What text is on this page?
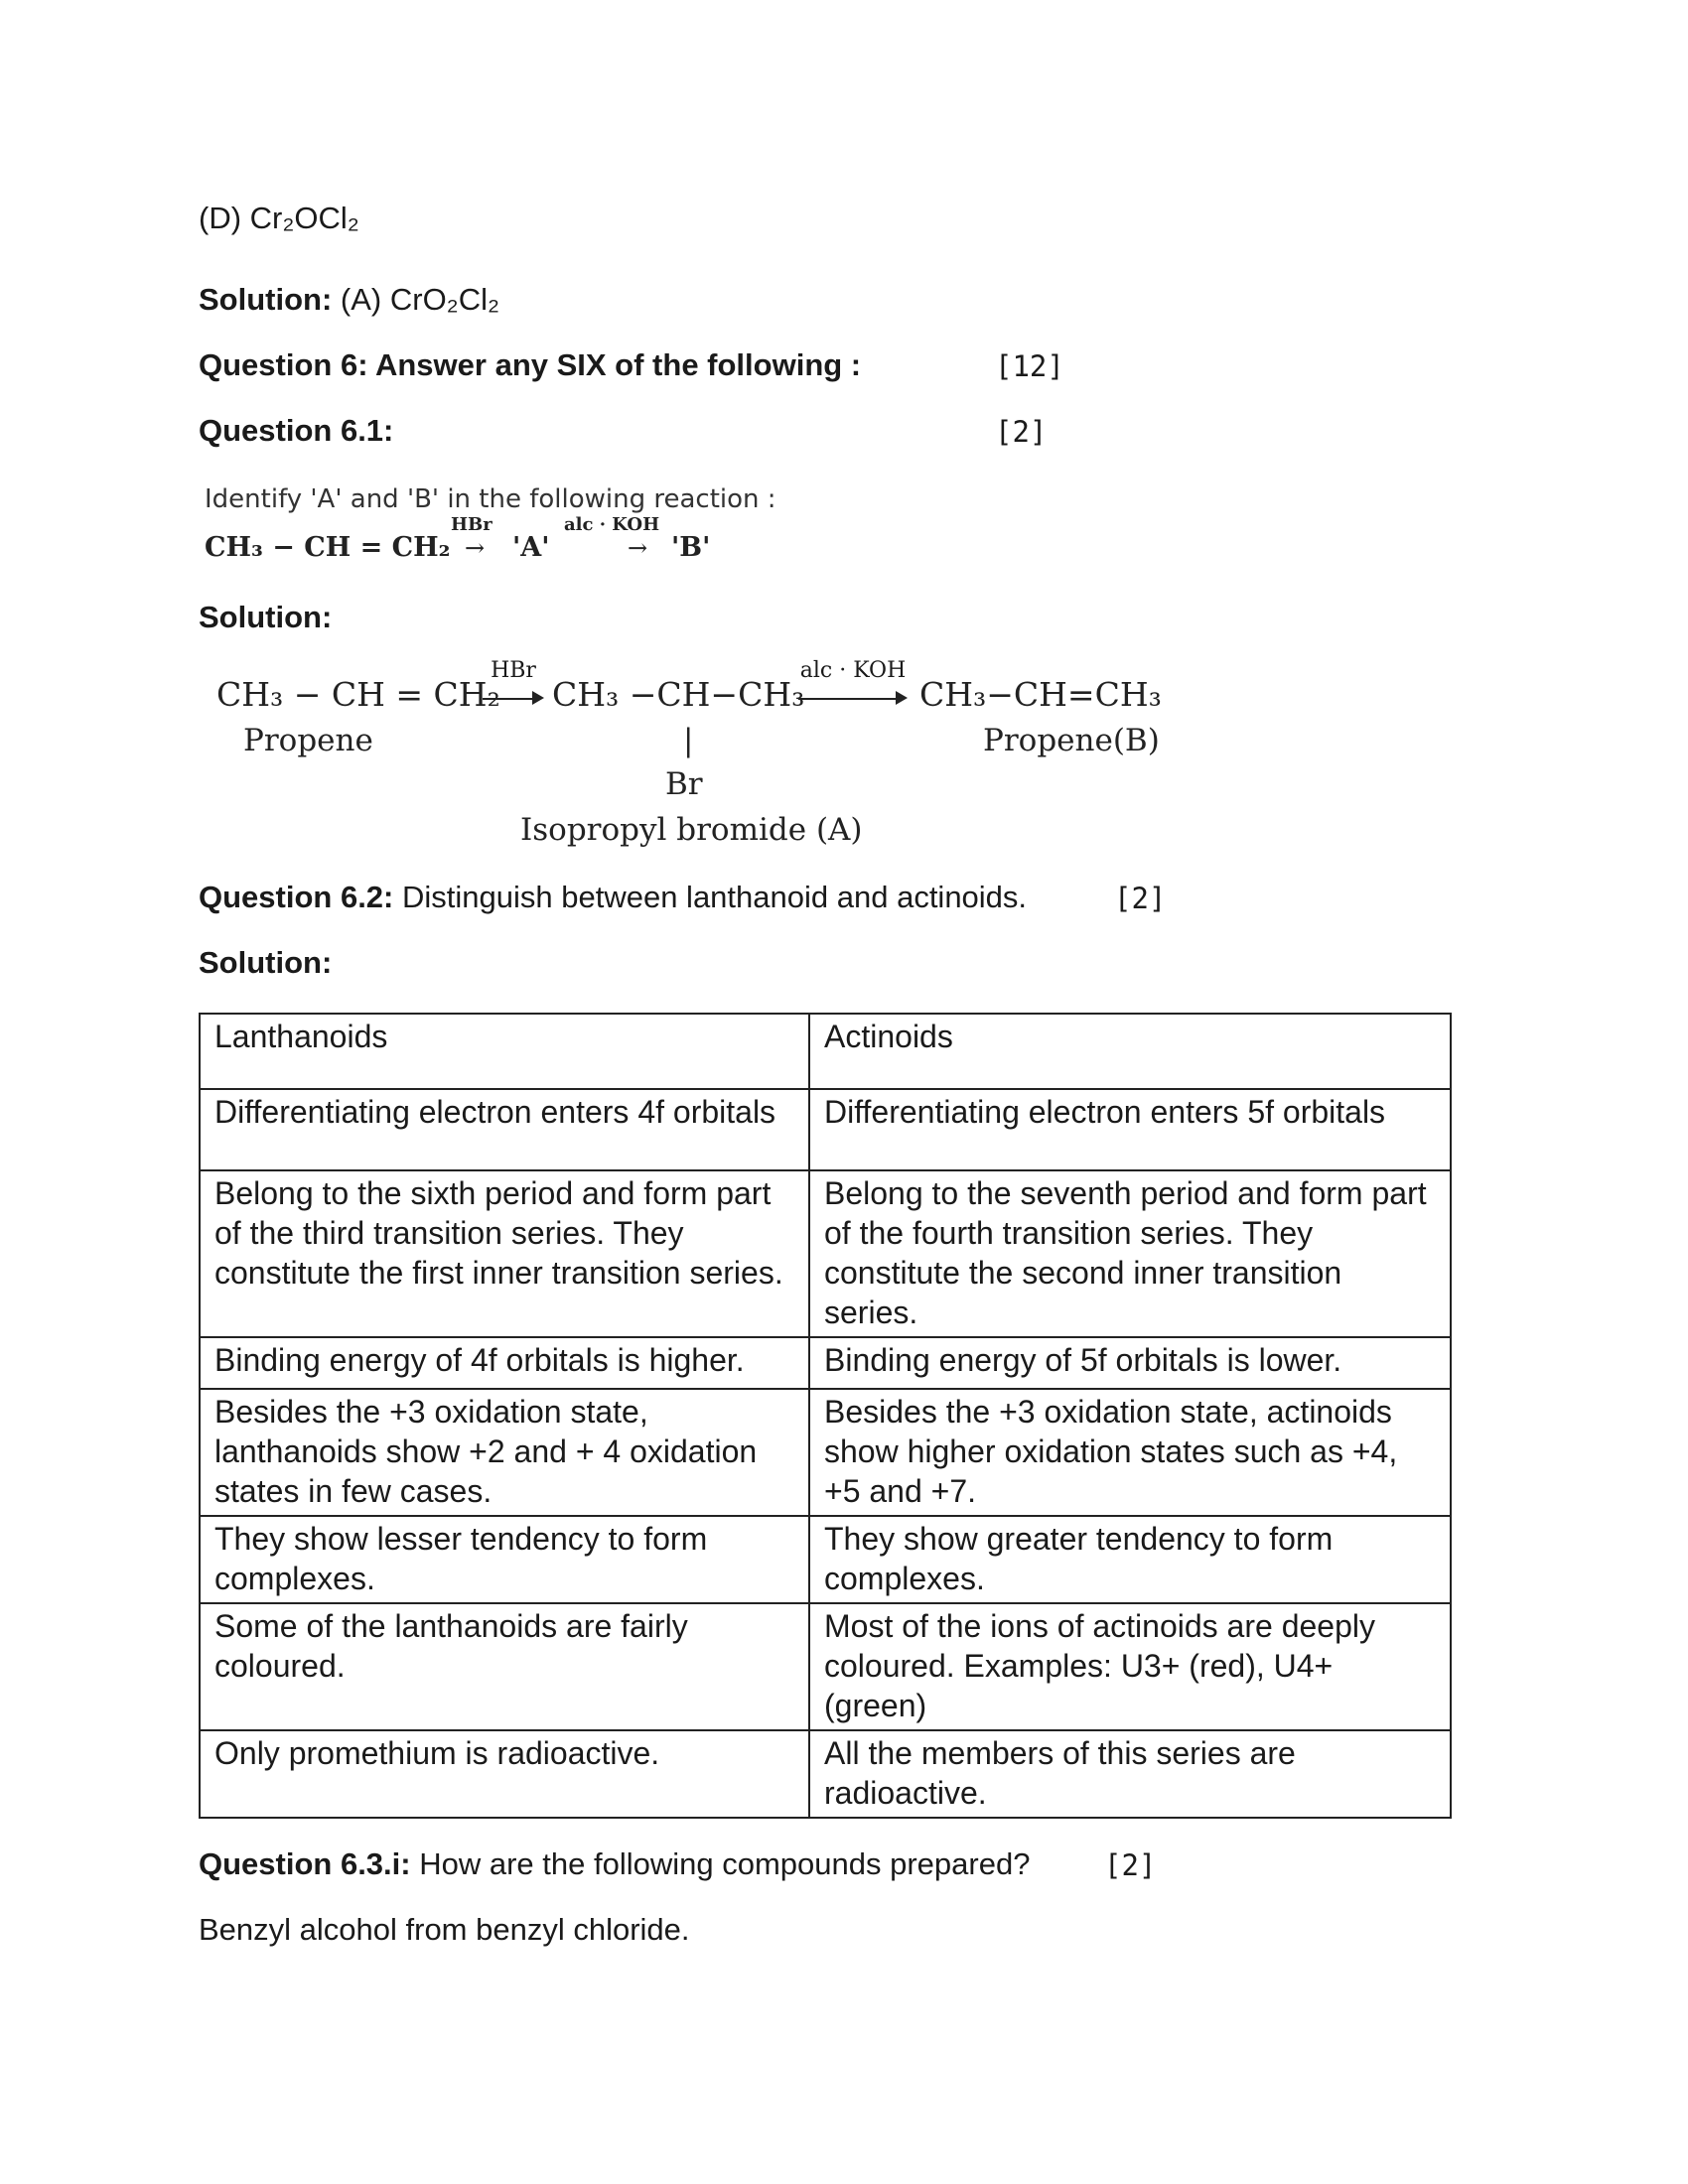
(D) Cr₂OCl₂
Solution: (A) CrO₂Cl₂
Question 6: Answer any SIX of the following :	[12]
Question 6.1:	[2]
Identify 'A' and 'B' in the following reaction :
CH₃ − CH = CH₂
HBr
→ 'A'
alc · KOH
→ 'B'
Solution:
CH₃ − CH = CH₂
Propene
HBr
CH₃ −CH−CH₃
|
Br
Isopropyl bromide (A)
alc · KOH
CH₃−CH=CH₃
Propene(B)
Question 6.2: Distinguish between lanthanoid and actinoids.	[2]
Solution:
Lanthanoids	Actinoids
Differentiating electron enters 4f orbitals	Differentiating electron enters 5f orbitals
Belong to the sixth period and form part of the third transition series. They constitute the first inner transition series.	Belong to the seventh period and form part of the fourth transition series. They constitute the second inner transition series.
Binding energy of 4f orbitals is higher.	Binding energy of 5f orbitals is lower.
Besides the +3 oxidation state, lanthanoids show +2 and + 4 oxidation states in few cases.	Besides the +3 oxidation state, actinoids show higher oxidation states such as +4, +5 and +7.
They show lesser tendency to form complexes.	They show greater tendency to form complexes.
Some of the lanthanoids are fairly coloured.	Most of the ions of actinoids are deeply coloured. Examples: U3+ (red), U4+ (green)
Only promethium is radioactive.	All the members of this series are radioactive.
Question 6.3.i: How are the following compounds prepared?	[2]
Benzyl alcohol from benzyl chloride.
